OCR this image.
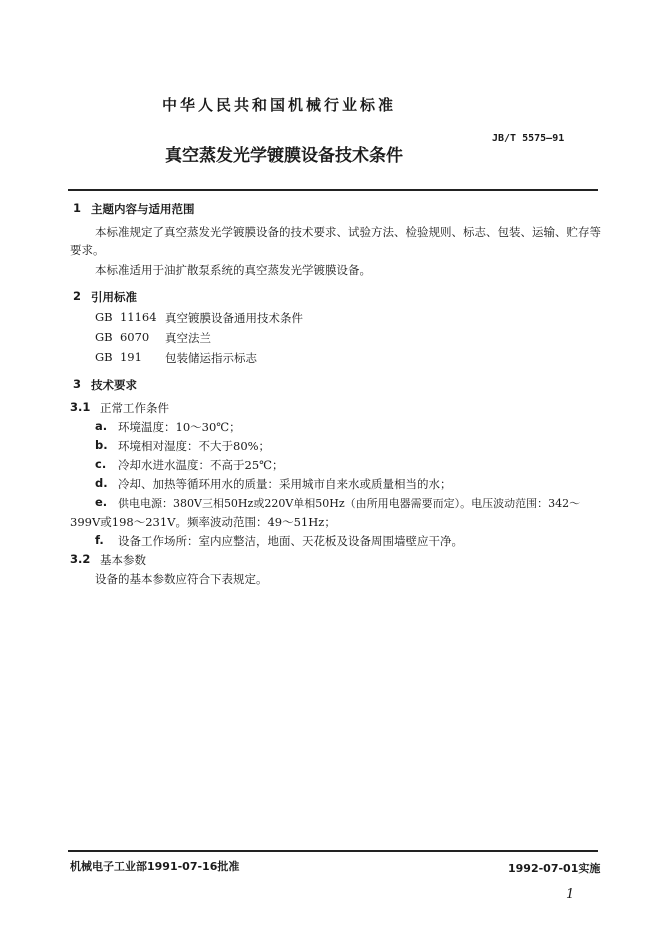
中华人民共和国机械行业标准
JB/T 5575—91
真空蒸发光学镀膜设备技术条件
1 主题内容与适用范围
本标准规定了真空蒸发光学镀膜设备的技术要求、试验方法、检验规则、标志、包装、运输、贮存等
要求。
本标准适用于油扩散泵系统的真空蒸发光学镀膜设备。
2 引用标准
GB  11164 真空镀膜设备通用技术条件
GB  6070 真空法兰
GB  191 包装储运指示标志
3 技术要求
3.1 正常工作条件
a. 环境温度：10～30℃；
b. 环境相对湿度：不大于80%；
c. 冷却水进水温度：不高于25℃；
d. 冷却、加热等循环用水的质量：采用城市自来水或质量相当的水；
e. 供电电源：380V三相50Hz或220V单相50Hz（由所用电器需要而定）。电压波动范围：342～
399V或198～231V。频率波动范围：49～51Hz；
f. 设备工作场所：室内应整洁，地面、天花板及设备周围墙壁应干净。
3.2 基本参数
设备的基本参数应符合下表规定。
机械电子工业部1991-07-16批准	1992-07-01实施
1
